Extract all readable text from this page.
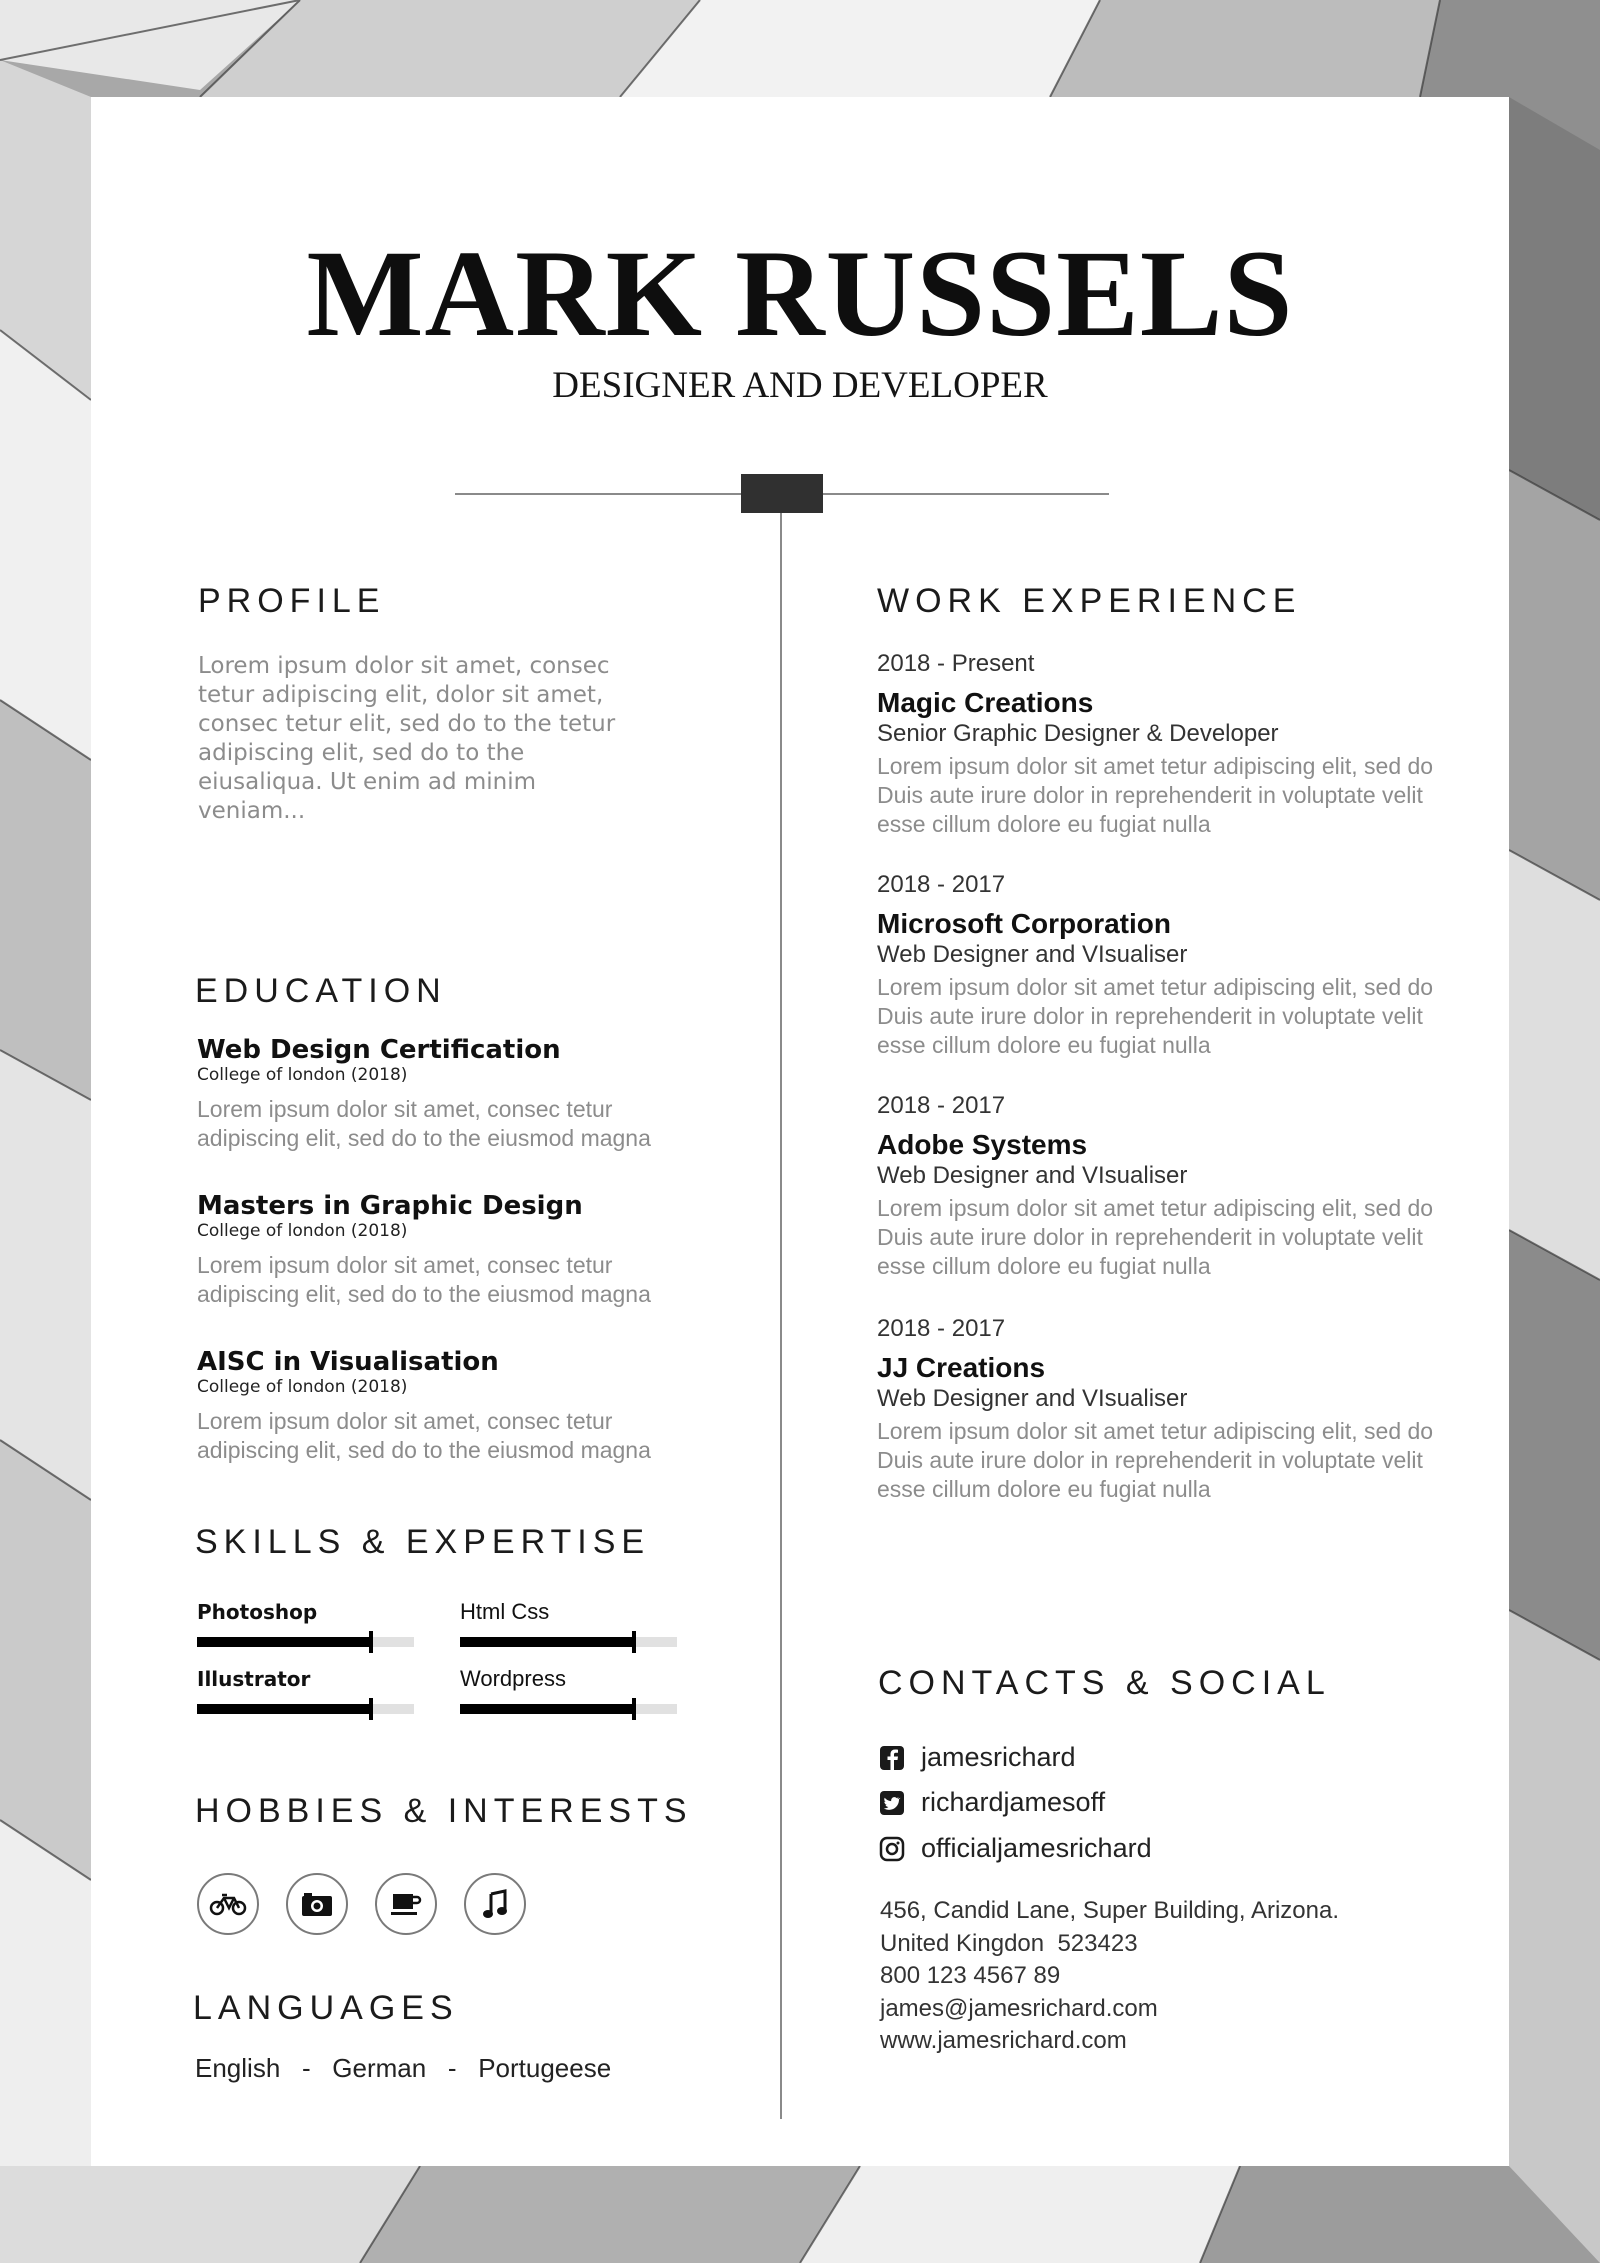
MARK RUSSELS
DESIGNER AND DEVELOPER
PROFILE
Lorem ipsum dolor sit amet, consec tetur adipiscing elit, dolor sit amet, consec tetur elit, sed do to the tetur adipiscing elit, sed do to the eiusaliqua. Ut enim ad minim veniam...
EDUCATION
Web Design Certification
College of london (2018)
Lorem ipsum dolor sit amet, consec tetur adipiscing elit, sed do to the eiusmod magna
Masters in Graphic Design
College of london (2018)
Lorem ipsum dolor sit amet, consec tetur adipiscing elit, sed do to the eiusmod magna
AISC in Visualisation
College of london (2018)
Lorem ipsum dolor sit amet, consec tetur adipiscing elit, sed do to the eiusmod magna
SKILLS & EXPERTISE
Photoshop	Html Css
Illustrator	Wordpress
HOBBIES & INTERESTS
LANGUAGES
English   -   German   -   Portugeese
WORK EXPERIENCE
2018 - Present
Magic Creations
Senior Graphic Designer & Developer
Lorem ipsum dolor sit amet tetur adipiscing elit, sed do Duis aute irure dolor in reprehenderit in voluptate velit esse cillum dolore eu fugiat nulla
2018 - 2017
Microsoft Corporation
Web Designer and VIsualiser
Lorem ipsum dolor sit amet tetur adipiscing elit, sed do Duis aute irure dolor in reprehenderit in voluptate velit esse cillum dolore eu fugiat nulla
2018 - 2017
Adobe Systems
Web Designer and VIsualiser
Lorem ipsum dolor sit amet tetur adipiscing elit, sed do Duis aute irure dolor in reprehenderit in voluptate velit esse cillum dolore eu fugiat nulla
2018 - 2017
JJ Creations
Web Designer and VIsualiser
Lorem ipsum dolor sit amet tetur adipiscing elit, sed do Duis aute irure dolor in reprehenderit in voluptate velit esse cillum dolore eu fugiat nulla
CONTACTS & SOCIAL
jamesrichard
richardjamesoff
officialjamesrichard
456, Candid Lane, Super Building, Arizona.
United Kingdon  523423
800 123 4567 89
james@jamesrichard.com
www.jamesrichard.com
